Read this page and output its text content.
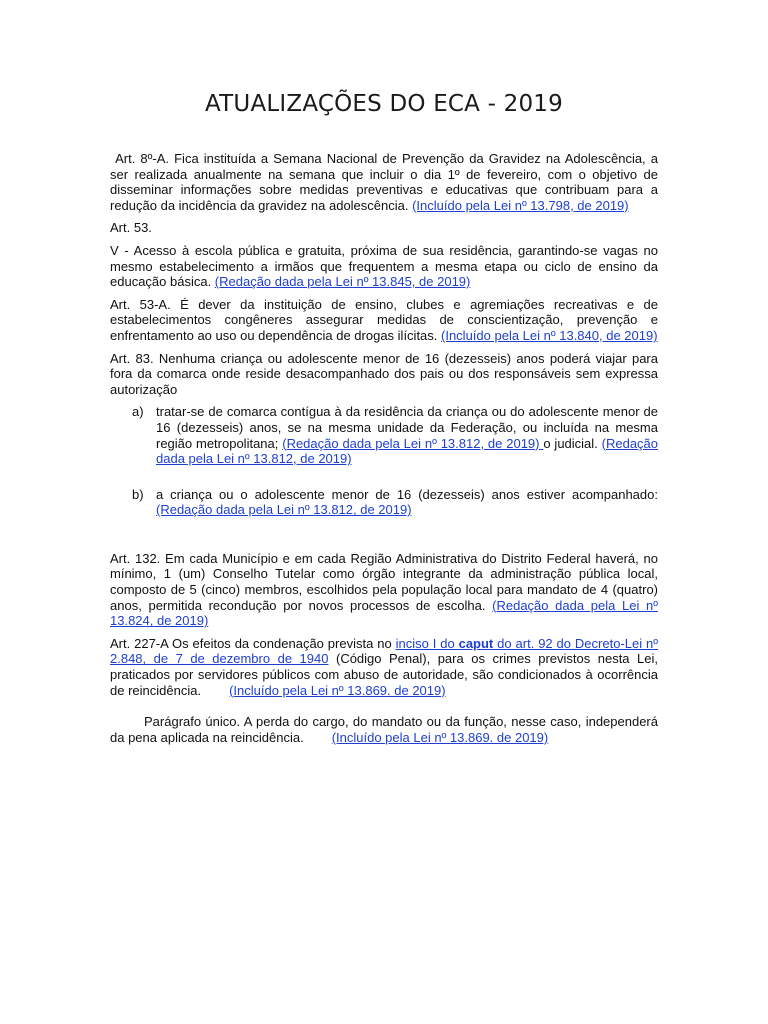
ATUALIZAÇÕES DO ECA - 2019

Art. 8º-A. Fica instituída a Semana Nacional de Prevenção da Gravidez na Adolescência, a ser realizada anualmente na semana que incluir o dia 1º de fevereiro, com o objetivo de disseminar informações sobre medidas preventivas e educativas que contribuam para a redução da incidência da gravidez na adolescência. (Incluído pela Lei nº 13.798, de 2019)

Art. 53.

V - Acesso à escola pública e gratuita, próxima de sua residência, garantindo-se vagas no mesmo estabelecimento a irmãos que frequentem a mesma etapa ou ciclo de ensino da educação básica. (Redação dada pela Lei nº 13.845, de 2019)

Art. 53-A. É dever da instituição de ensino, clubes e agremiações recreativas e de estabelecimentos congêneres assegurar medidas de conscientização, prevenção e enfrentamento ao uso ou dependência de drogas ilícitas. (Incluído pela Lei nº 13.840, de 2019)

Art. 83. Nenhuma criança ou adolescente menor de 16 (dezesseis) anos poderá viajar para fora da comarca onde reside desacompanhado dos pais ou dos responsáveis sem expressa autorização

a) tratar-se de comarca contígua à da residência da criança ou do adolescente menor de 16 (dezesseis) anos, se na mesma unidade da Federação, ou incluída na mesma região metropolitana; (Redação dada pela Lei nº 13.812, de 2019) o judicial. (Redação dada pela Lei nº 13.812, de 2019)
b) a criança ou o adolescente menor de 16 (dezesseis) anos estiver acompanhado: (Redação dada pela Lei nº 13.812, de 2019)

Art. 132. Em cada Município e em cada Região Administrativa do Distrito Federal haverá, no mínimo, 1 (um) Conselho Tutelar como órgão integrante da administração pública local, composto de 5 (cinco) membros, escolhidos pela população local para mandato de 4 (quatro) anos, permitida recondução por novos processos de escolha. (Redação dada pela Lei nº 13.824, de 2019)

Art. 227-A Os efeitos da condenação prevista no inciso I do caput do art. 92 do Decreto-Lei nº 2.848, de 7 de dezembro de 1940 (Código Penal), para os crimes previstos nesta Lei, praticados por servidores públicos com abuso de autoridade, são condicionados à ocorrência de reincidência. (Incluído pela Lei nº 13.869. de 2019)

Parágrafo único. A perda do cargo, do mandato ou da função, nesse caso, independerá da pena aplicada na reincidência. (Incluído pela Lei nº 13.869. de 2019)
